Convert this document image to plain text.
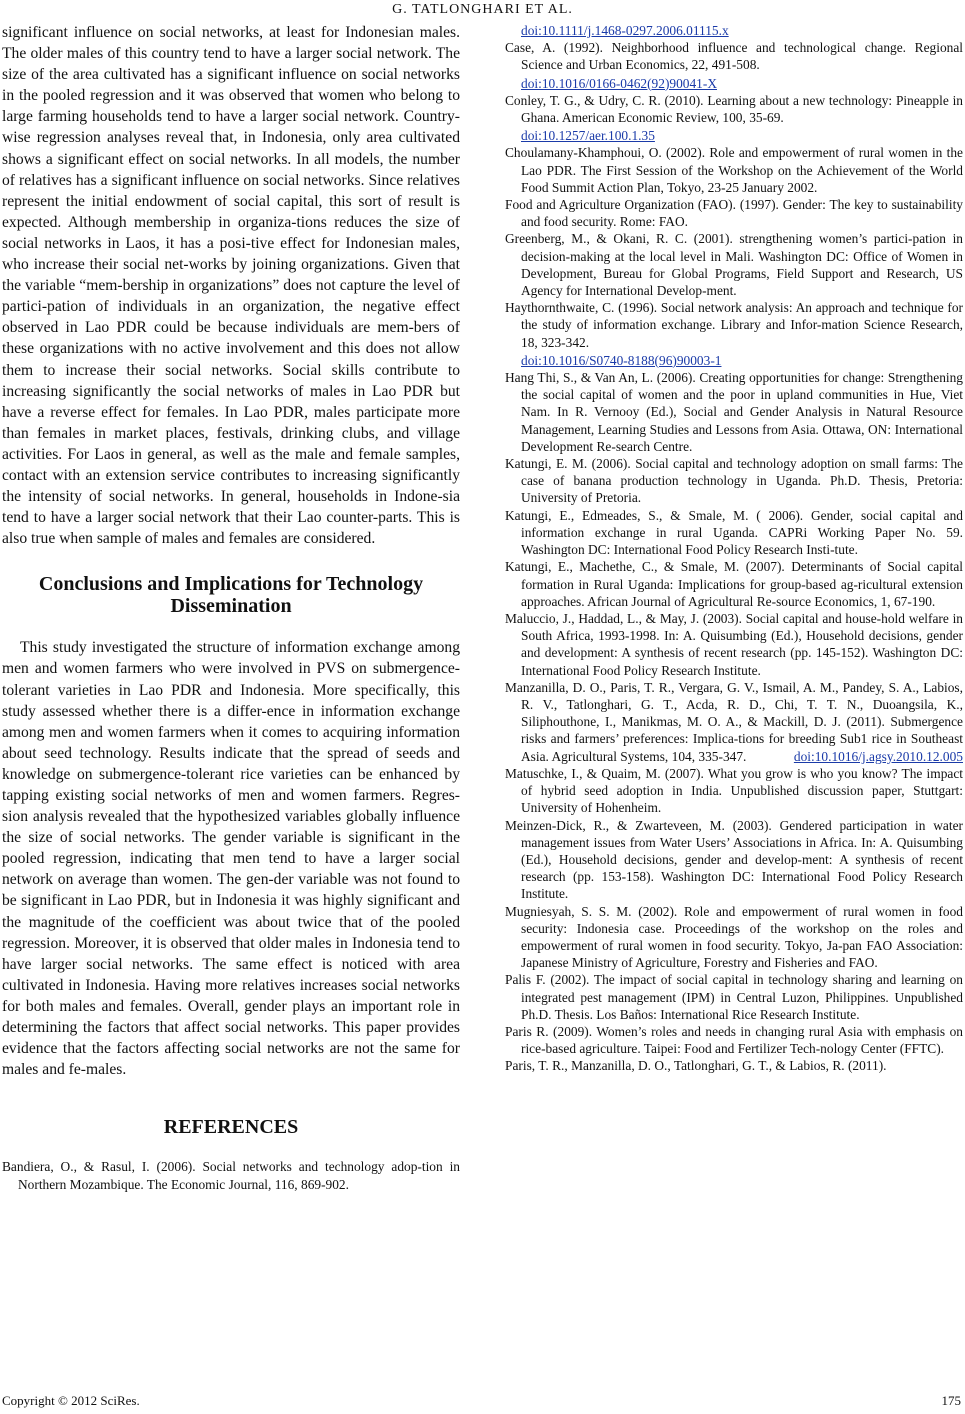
G. TATLONGHARI ET AL.

significant influence on social networks, at least for Indonesian males. The older males of this country tend to have a larger social network. The size of the area cultivated has a significant influence on social networks in the pooled regression and it was observed that women who belong to large farming households tend to have a larger social network. Country-wise regression analyses reveal that, in Indonesia, only area cultivated shows a significant effect on social networks. In all models, the number of relatives has a significant influence on social networks. Since relatives represent the initial endowment of social capital, this sort of result is expected. Although membership in organiza-tions reduces the size of social networks in Laos, it has a posi-tive effect for Indonesian males, who increase their social net-works by joining organizations. Given that the variable “mem-bership in organizations” does not capture the level of partici-pation of individuals in an organization, the negative effect observed in Lao PDR could be because individuals are mem-bers of these organizations with no active involvement and this does not allow them to increase their social networks. Social skills contribute to increasing significantly the social networks of males in Lao PDR but have a reverse effect for females. In Lao PDR, males participate more than females in market places, festivals, drinking clubs, and village activities. For Laos in general, as well as the male and female samples, contact with an extension service contributes to increasing significantly the intensity of social networks. In general, households in Indone-sia tend to have a larger social network that their Lao counter-parts. This is also true when sample of males and females are considered.

Conclusions and Implications for Technology Dissemination

This study investigated the structure of information exchange among men and women farmers who were involved in PVS on submergence-tolerant varieties in Lao PDR and Indonesia. More specifically, this study assessed whether there is a differ-ence in information exchange among men and women farmers when it comes to acquiring information about seed technology. Results indicate that the spread of seeds and knowledge on submergence-tolerant rice varieties can be enhanced by tapping existing social networks of men and women farmers. Regres-sion analysis revealed that the hypothesized variables globally influence the size of social networks. The gender variable is significant in the pooled regression, indicating that men tend to have a larger social network on average than women. The gen-der variable was not found to be significant in Lao PDR, but in Indonesia it was highly significant and the magnitude of the coefficient was about twice that of the pooled regression. Moreover, it is observed that older males in Indonesia tend to have larger social networks. The same effect is noticed with area cultivated in Indonesia. Having more relatives increases social networks for both males and females. Overall, gender plays an important role in determining the factors that affect social networks. This paper provides evidence that the factors affecting social networks are not the same for males and fe-males.

REFERENCES

Bandiera, O., & Rasul, I. (2006). Social networks and technology adop-tion in Northern Mozambique. The Economic Journal, 116, 869-902.

doi:10.1111/j.1468-0297.2006.01115.x

Case, A. (1992). Neighborhood influence and technological change. Regional Science and Urban Economics, 22, 491-508.

doi:10.1016/0166-0462(92)90041-X

Conley, T. G., & Udry, C. R. (2010). Learning about a new technology: Pineapple in Ghana. American Economic Review, 100, 35-69.

doi:10.1257/aer.100.1.35

Choulamany-Khamphoui, O. (2002). Role and empowerment of rural women in the Lao PDR. The First Session of the Workshop on the Achievement of the World Food Summit Action Plan, Tokyo, 23-25 January 2002.

Food and Agriculture Organization (FAO). (1997). Gender: The key to sustainability and food security. Rome: FAO.

Greenberg, M., & Okani, R. C. (2001). strengthening women’s partici-pation in decision-making at the local level in Mali. Washington DC: Office of Women in Development, Bureau for Global Programs, Field Support and Research, US Agency for International Develop-ment.

Haythornthwaite, C. (1996). Social network analysis: An approach and technique for the study of information exchange. Library and Infor-mation Science Research, 18, 323-342.

doi:10.1016/S0740-8188(96)90003-1

Hang Thi, S., & Van An, L. (2006). Creating opportunities for change: Strengthening the social capital of women and the poor in upland communities in Hue, Viet Nam. In R. Vernooy (Ed.), Social and Gender Analysis in Natural Resource Management, Learning Studies and Lessons from Asia. Ottawa, ON: International Development Re-search Centre.

Katungi, E. M. (2006). Social capital and technology adoption on small farms: The case of banana production technology in Uganda. Ph.D. Thesis, Pretoria: University of Pretoria.

Katungi, E., Edmeades, S., & Smale, M. ( 2006). Gender, social capital and information exchange in rural Uganda. CAPRi Working Paper No. 59. Washington DC: International Food Policy Research Insti-tute.

Katungi, E., Machethe, C., & Smale, M. (2007). Determinants of Social capital formation in Rural Uganda: Implications for group-based ag-ricultural extension approaches. African Journal of Agricultural Re-source Economics, 1, 67-190.

Maluccio, J., Haddad, L., & May, J. (2003). Social capital and house-hold welfare in South Africa, 1993-1998. In: A. Quisumbing (Ed.), Household decisions, gender and development: A synthesis of recent research (pp. 145-152). Washington DC: International Food Policy Research Institute.

Manzanilla, D. O., Paris, T. R., Vergara, G. V., Ismail, A. M., Pandey, S. A., Labios, R. V., Tatlonghari, G. T., Acda, R. D., Chi, T. T. N., Duoangsila, K., Siliphouthone, I., Manikmas, M. O. A., & Mackill, D. J. (2011). Submergence risks and farmers’ preferences: Implica-tions for breeding Sub1 rice in Southeast Asia. Agricultural Systems, 104, 335-347.	doi:10.1016/j.agsy.2010.12.005

Matuschke, I., & Quaim, M. (2007). What you grow is who you know? The impact of hybrid seed adoption in India. Unpublished discussion paper, Stuttgart: University of Hohenheim.

Meinzen-Dick, R., & Zwarteveen, M. (2003). Gendered participation in water management issues from Water Users’ Associations in Africa. In: A. Quisumbing (Ed.), Household decisions, gender and develop-ment: A synthesis of recent research (pp. 153-158). Washington DC: International Food Policy Research Institute.

Mugniesyah, S. S. M. (2002). Role and empowerment of rural women in food security: Indonesia case. Proceedings of the workshop on the roles and empowerment of rural women in food security. Tokyo, Ja-pan FAO Association: Japanese Ministry of Agriculture, Forestry and Fisheries and FAO.

Palis F. (2002). The impact of social capital in technology sharing and learning on integrated pest management (IPM) in Central Luzon, Philippines. Unpublished Ph.D. Thesis. Los Baños: International Rice Research Institute.

Paris R. (2009). Women’s roles and needs in changing rural Asia with emphasis on rice-based agriculture. Taipei: Food and Fertilizer Tech-nology Center (FFTC).

Paris, T. R., Manzanilla, D. O., Tatlonghari, G. T., & Labios, R. (2011).

Copyright © 2012 SciRes.	175
